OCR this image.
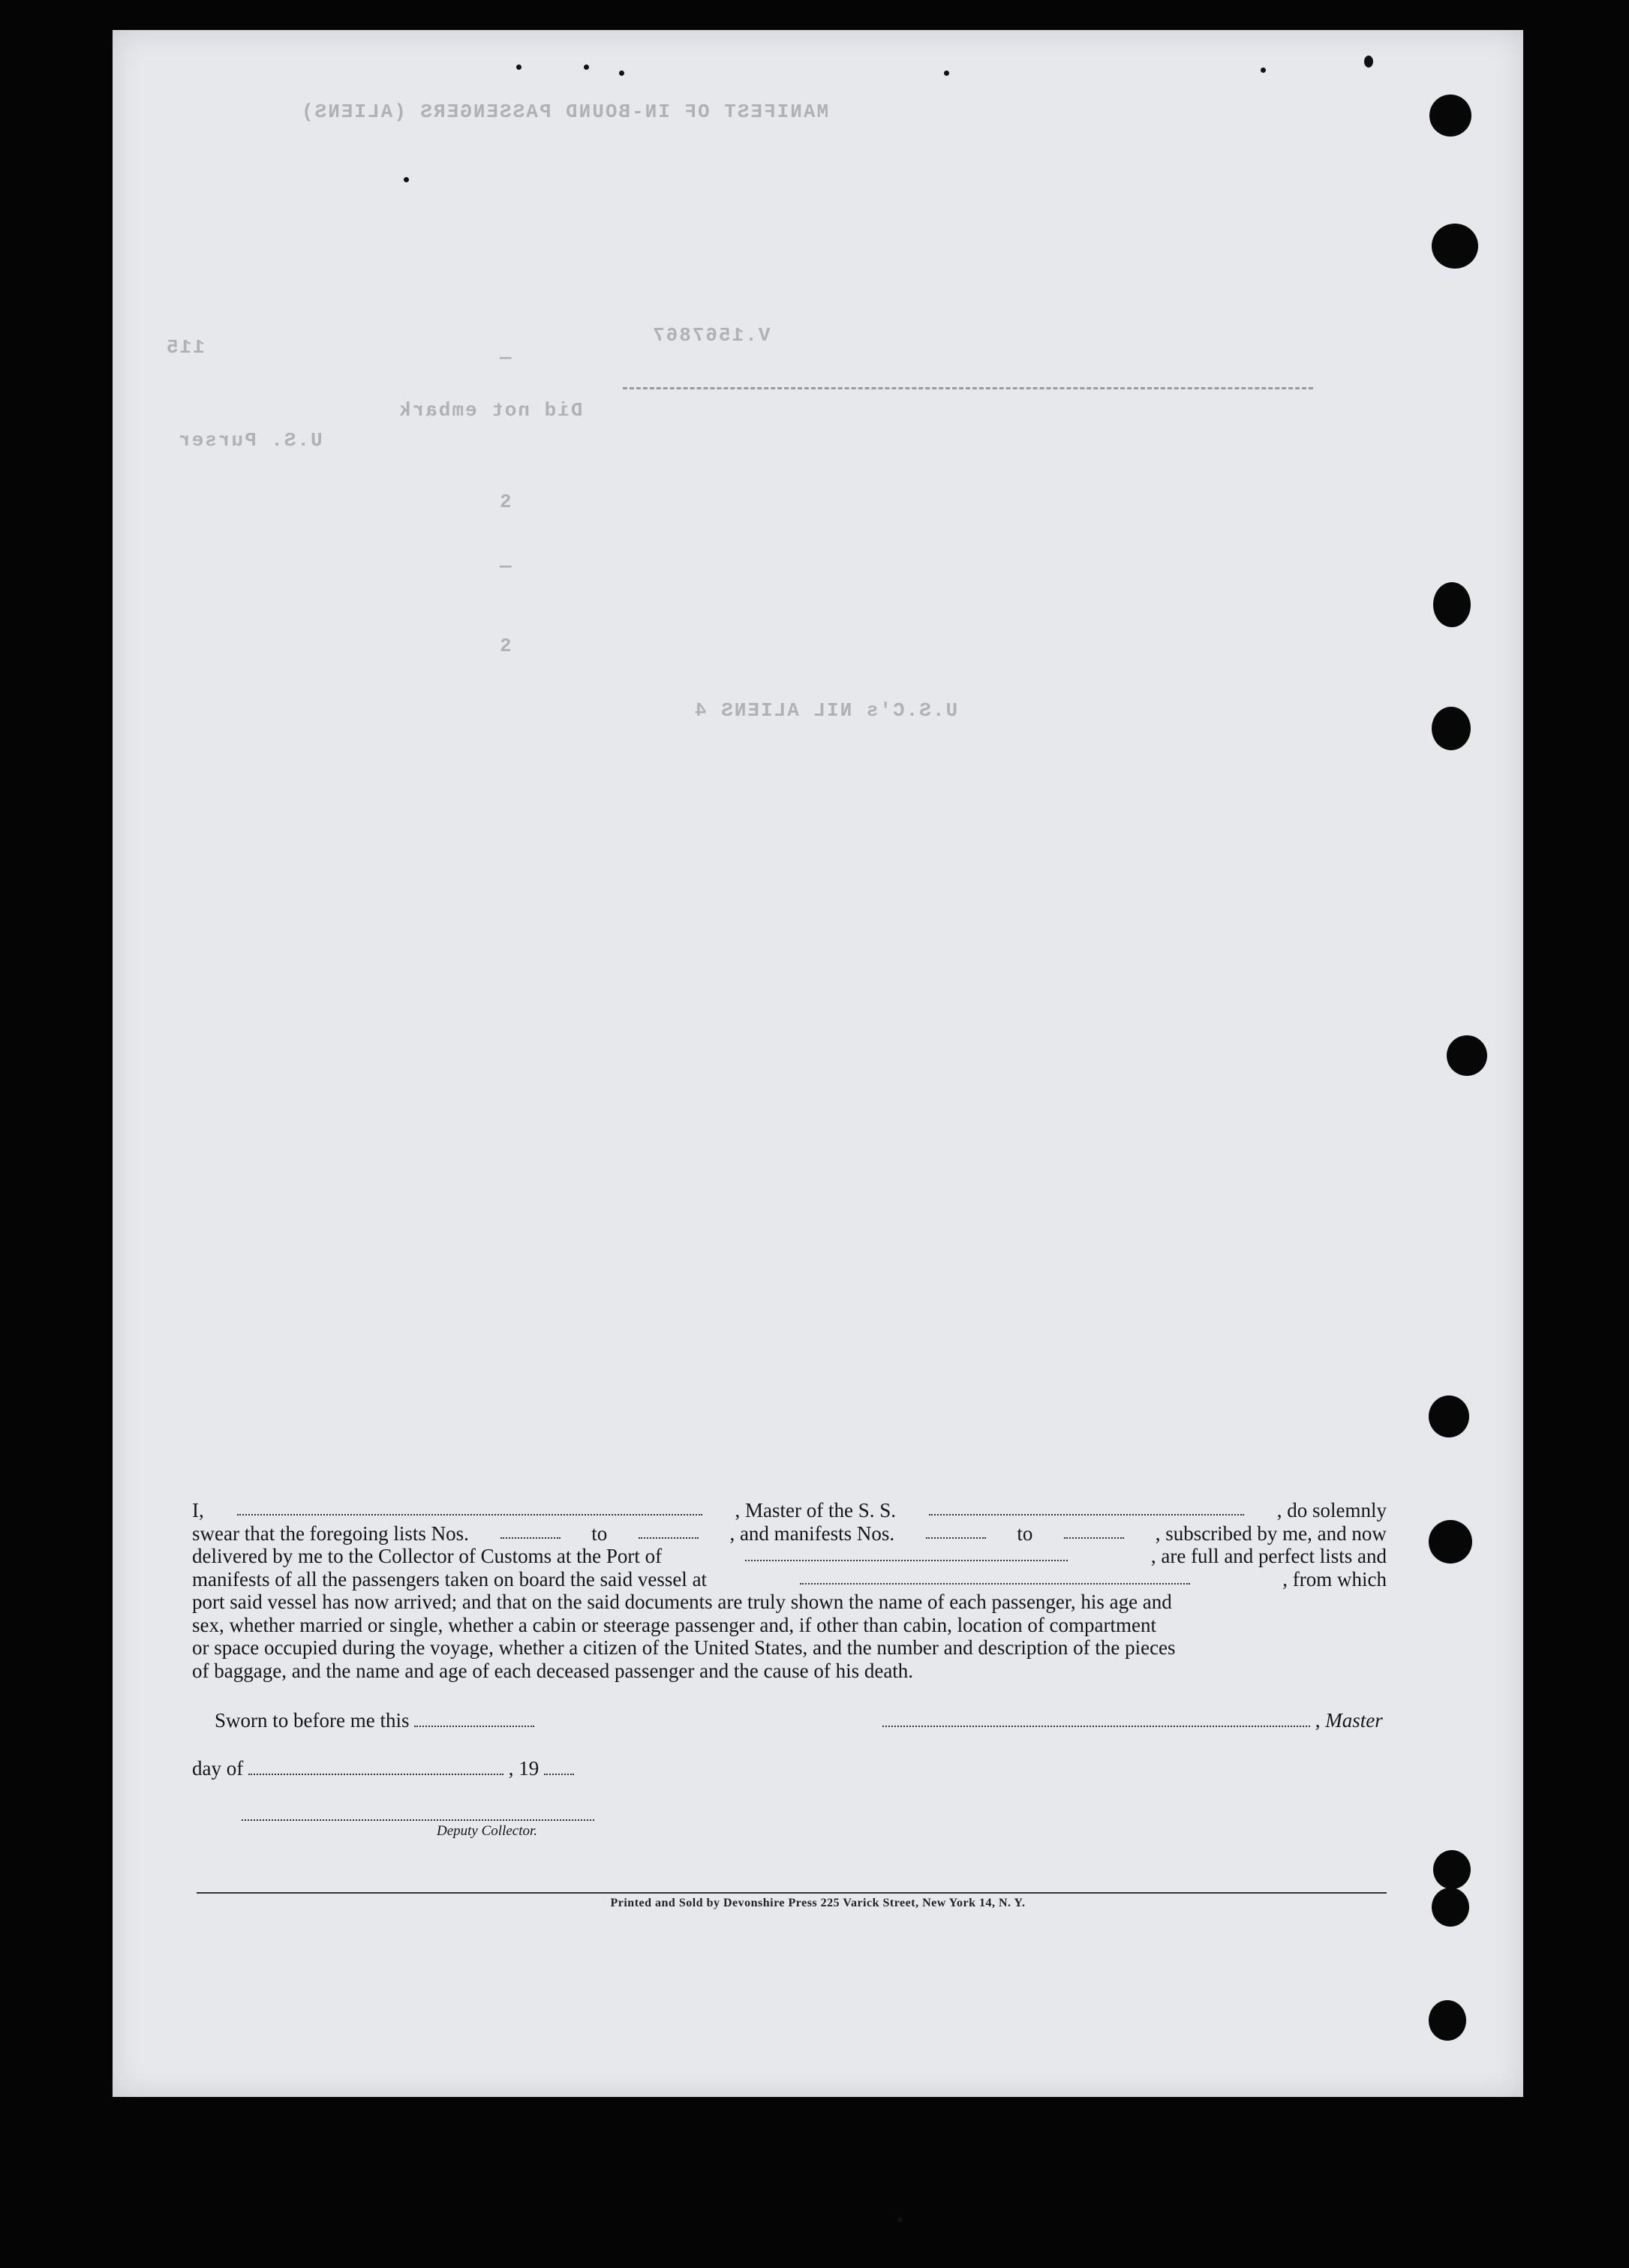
MANIFEST OF IN-BOUND PASSENGERS (ALIENS)
V.1567867
115
Did not embark
U.S. Purser
—
2
—
2
U.S.C's NIL ALIENS 4
I,	, Master of the S. S.	, do solemnly
swear that the foregoing lists Nos.	to	, and manifests Nos.	to	, subscribed by me, and now
delivered by me to the Collector of Customs at the Port of	, are full and perfect lists and
manifests of all the passengers taken on board the said vessel at	, from which
port said vessel has now arrived; and that on the said documents are truly shown the name of each passenger, his age and
sex, whether married or single, whether a cabin or steerage passenger and, if other than cabin, location of compartment
or space occupied during the voyage, whether a citizen of the United States, and the number and description of the pieces
of baggage, and the name and age of each deceased passenger and the cause of his death.
Sworn to before me this	, Master
day of	, 19
Deputy Collector.
Printed and Sold by Devonshire Press 225 Varick Street, New York 14, N. Y.
